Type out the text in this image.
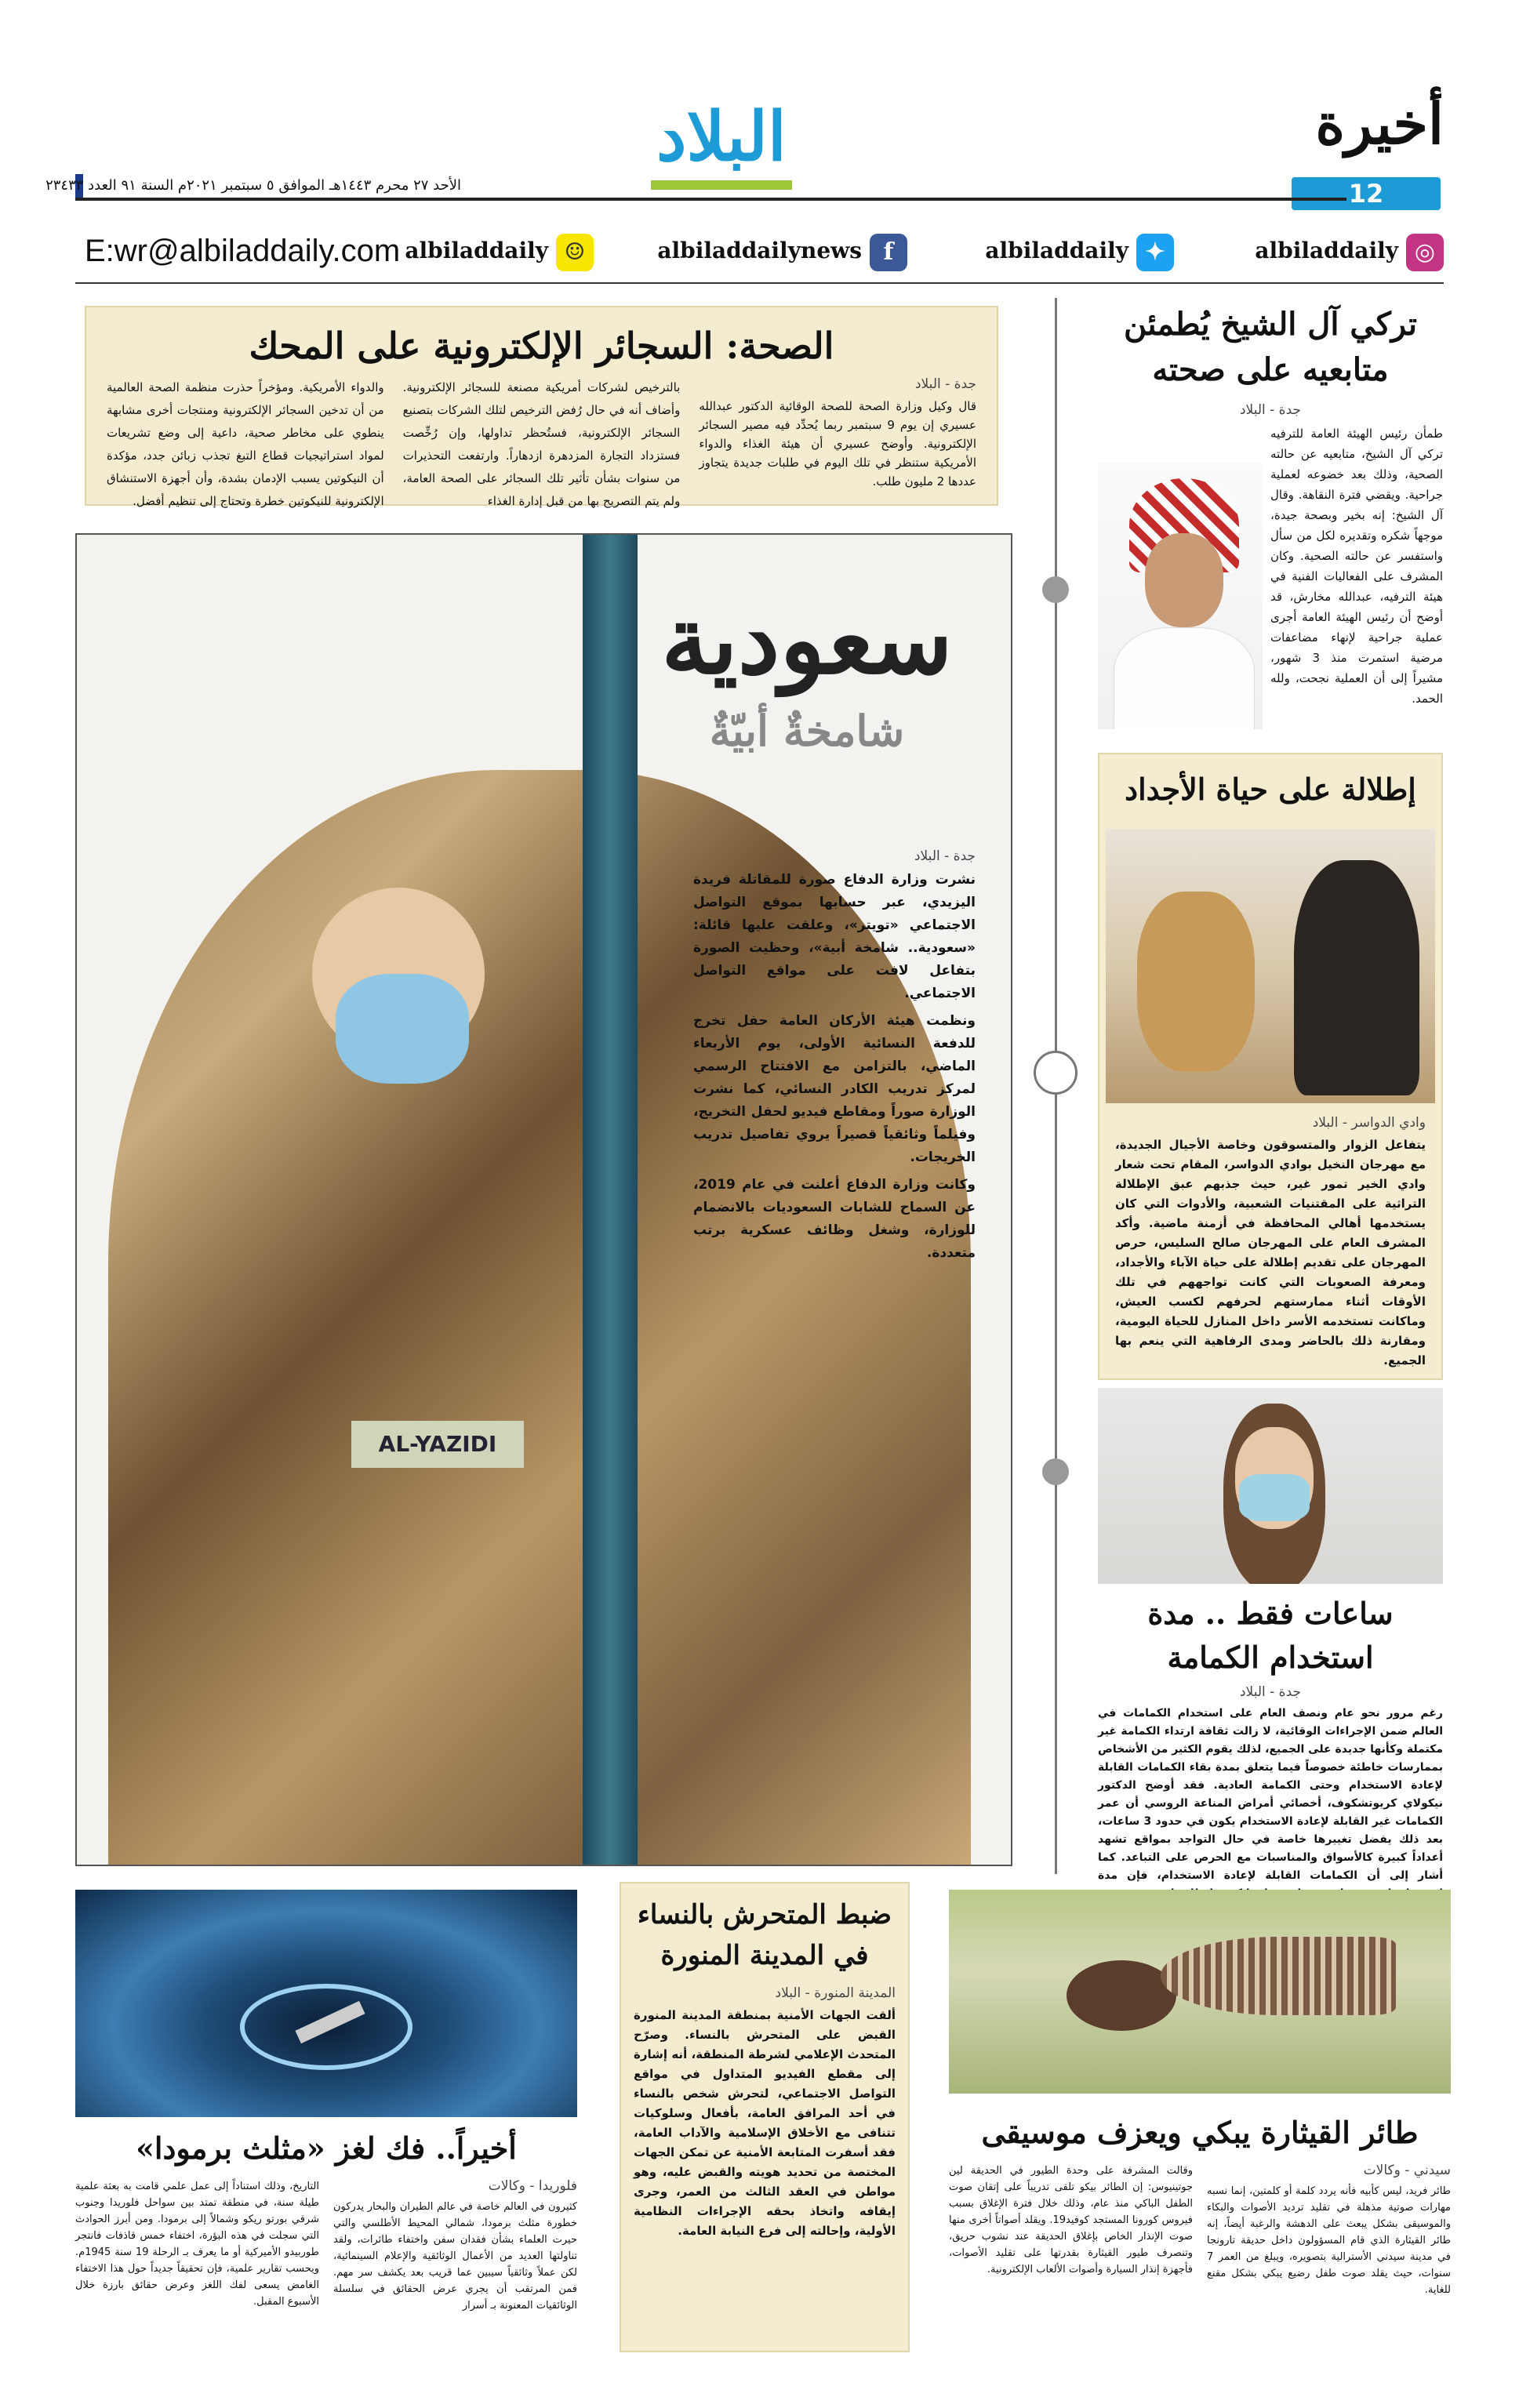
أخيرة
12
البلاد
الأحد ٢٧ محرم ١٤٤٣هـ الموافق ٥ سبتمبر ٢٠٢١م السنة ٩١ العدد ٢٣٤٣٣
◎albiladdaily
✦albiladdaily
falbiladdailynews
☺albiladdaily
E:wr@albiladdaily.com
الصحة: السجائر الإلكترونية على المحك
جدة - البلاد
قال وكيل وزارة الصحة للصحة الوقائية الدكتور عبدالله عسيري إن يوم 9 سبتمبر ربما يُحدِّد فيه مصير السجائر الإلكترونية. وأوضح عسيري أن هيئة الغذاء والدواء الأمريكية ستنظر في تلك اليوم في طلبات جديدة يتجاوز عددها 2 مليون طلب.
بالترخيص لشركات أمريكية مصنعة للسجائر الإلكترونية. وأضاف أنه في حال رُفض الترخيص لتلك الشركات بتصنيع السجائر الإلكترونية، فستُحظر تداولها، وإن رُخِّصت فستزداد التجارة المزدهرة ازدهاراً. وارتفعت التحذيرات من سنوات بشأن تأثير تلك السجائر على الصحة العامة، ولم يتم التصريح بها من قبل إدارة الغذاء
والدواء الأمريكية. ومؤخراً حذرت منظمة الصحة العالمية من أن تدخين السجائر الإلكترونية ومنتجات أخرى مشابهة ينطوي على مخاطر صحية، داعية إلى وضع تشريعات لمواد استراتيجيات قطاع التبغ تجذب زبائن جدد، مؤكدة أن النيكوتين يسبب الإدمان بشدة، وأن أجهزة الاستنشاق الإلكترونية للنيكوتين خطرة وتحتاج إلى تنظيم أفضل.
AL-YAZIDI
سعودية
شامخةٌ أبيّةٌ
جدة - البلاد

نشرت وزارة الدفاع صورة للمقاتلة فريدة اليزيدي، عبر حسابها بموقع التواصل الاجتماعي «تويتر»، وعلقت عليها قائلة: «سعودية.. شامخة أبية»، وحظيت الصورة بتفاعل لافت على مواقع التواصل الاجتماعي.

ونظمت هيئة الأركان العامة حفل تخرج للدفعة النسائية الأولى، يوم الأربعاء الماضي، بالتزامن مع الافتتاح الرسمي لمركز تدريب الكادر النسائي، كما نشرت الوزارة صوراً ومقاطع فيديو لحفل التخريج، وفيلماً وثائقياً قصيراً يروي تفاصيل تدريب الخريجات.

وكانت وزارة الدفاع أعلنت في عام 2019، عن السماح للشابات السعوديات بالانضمام للوزارة، وشغل وظائف عسكرية برتب متعددة.

تركي آل الشيخ يُطمئن متابعيه على صحته
جدة - البلاد
طمأن رئيس الهيئة العامة للترفيه تركي آل الشيخ، متابعيه عن حالته الصحية، وذلك بعد خضوعه لعملية جراحية. ويقضي فترة النقاهة. وقال آل الشيخ: إنه بخير وبصحة جيدة، موجهاً شكره وتقديره لكل من سأل واستفسر عن حالته الصحية. وكان المشرف على الفعاليات الفنية في هيئة الترفيه، عبدالله مخارش، قد أوضح أن رئيس الهيئة العامة أجرى عملية جراحية لإنهاء مضاعفات مرضية استمرت منذ 3 شهور، مشيراً إلى أن العملية نجحت، ولله الحمد.
إطلالة على حياة الأجداد
وادي الدواسر - البلاد
يتفاعل الزوار والمتسوقون وخاصة الأجيال الجديدة، مع مهرجان النخيل بوادي الدواسر، المقام تحت شعار وادي الخير تمور غير، حيث جذبهم عبق الإطلالة التراثية على المقتنيات الشعبية، والأدوات التي كان يستخدمها أهالي المحافظة في أزمنة ماضية. وأكد المشرف العام على المهرجان صالح السليس، حرص المهرجان على تقديم إطلالة على حياة الآباء والأجداد، ومعرفة الصعوبات التي كانت تواجههم في تلك الأوقات أثناء ممارستهم لحرفهم لكسب العيش، وماكانت تستخدمه الأسر داخل المنازل للحياة اليومية، ومقارنة ذلك بالحاضر ومدى الرفاهية التي ينعم بها الجميع.
ساعات فقط .. مدة استخدام الكمامة
جدة - البلاد
رغم مرور نحو عام ونصف العام على استخدام الكمامات في العالم ضمن الإجراءات الوقائية، لا زالت ثقافة ارتداء الكمامة غير مكتملة وكأنها جديدة على الجميع، لذلك يقوم الكثير من الأشخاص بممارسات خاطئة خصوصاً فيما يتعلق بمدة بقاء الكمامات القابلة لإعادة الاستخدام وحتى الكمامة العادية. فقد أوضح الدكتور نيكولاي كريوتشكوف، أخصائي أمراض المناعة الروسي أن عمر الكمامات غير القابلة لإعادة الاستخدام يكون في حدود 3 ساعات، بعد ذلك يفضل تغييرها خاصة في حال التواجد بمواقع تشهد أعداداً كبيرة كالأسواق والمناسبات مع الحرص على التباعد. كما أشار إلى أن الكمامات القابلة لإعادة الاستخدام، فإن مدة
طائر القيثارة يبكي ويعزف موسيقى
سيدني - وكالات
طائر فريد، ليس كأبيه فأنه يردد كلمة أو كلمتين، إنما نسبه مهارات صوتية مذهلة في تقليد ترديد الأصوات والبكاء والموسيقى بشكل يبعث على الدهشة والرغبة أيضاً، إنه طائر القيثارة الذي قام المسؤولون داخل حديقة تارونجا في مدينة سيدني الأسترالية بتصويره، ويبلغ من العمر 7 سنوات، حيث يقلد صوت طفل رضيع يبكي بشكل مقنع للغاية.
وقالت المشرفة على وحدة الطيور في الحديقة لين جوتينيوس: إن الطائر بيكو تلقى تدريباً على إتقان صوت الطفل الباكي منذ عام، وذلك خلال فترة الإغلاق بسبب فيروس كورونا المستجد كوفيد19. ويقلد أصواتاً أخرى منها صوت الإنذار الخاص بإغلاق الحديقة عند نشوب حريق، وتنصرف طيور القيثارة بقدرتها على تقليد الأصوات، فأجهزة إنذار السيارة وأصوات الألعاب الإلكترونية.
ضبط المتحرش بالنساء في المدينة المنورة
المدينة المنورة - البلاد
ألقت الجهات الأمنية بمنطقة المدينة المنورة القبض على المتحرش بالنساء. وصرّح المتحدث الإعلامي لشرطة المنطقة، أنه إشارة إلى مقطع الفيديو المتداول في مواقع التواصل الاجتماعي، لتحرش شخص بالنساء في أحد المرافق العامة، بأفعال وسلوكيات تتنافى مع الأخلاق الإسلامية والآداب العامة، فقد أسفرت المتابعة الأمنية عن تمكن الجهات المختصة من تحديد هويته والقبض عليه، وهو مواطن في العقد الثالث من العمر، وجرى إيقافه واتخاذ بحقه الإجراءات النظامية الأولية، وإحالته إلى فرع النيابة العامة.
أخيراً.. فك لغز «مثلث برمودا»
فلوريدا - وكالات
كثيرون في العالم خاصة في عالم الطيران والبحار يدركون خطورة مثلث برمودا، شمالي المحيط الأطلسي والتي حيرت العلماء بشأن فقدان سفن واختفاء طائرات، ولقد تناولتها العديد من الأعمال الوثائقية والإعلام السينمائية، لكن عملاً وثائقياً سيبين عما قريب بعد يكشف سر مهم. فمن المرتقب أن يجري عرض الحقائق في سلسلة الوثائقيات المعنونة بـ أسرار
التاريخ، وذلك استناداً إلى عمل علمي قامت به بعثة علمية طيلة سنة، في منطقة تمتد بين سواحل فلوريدا وجنوب شرقي بورتو ريكو وشمالاً إلى برمودا. ومن أبرز الحوادث التي سجلت في هذه البؤرة، اختفاء خمس قاذفات فانتجر طوربيدو الأميركية أو ما يعرف بـ الرحلة 19 سنة 1945م. ويحسب تقارير علمية، فإن تحقيقاً جديداً حول هذا الاختفاء الغامض يسعى لفك اللغز وعرض حقائق بارزة خلال الأسبوع المقبل.
